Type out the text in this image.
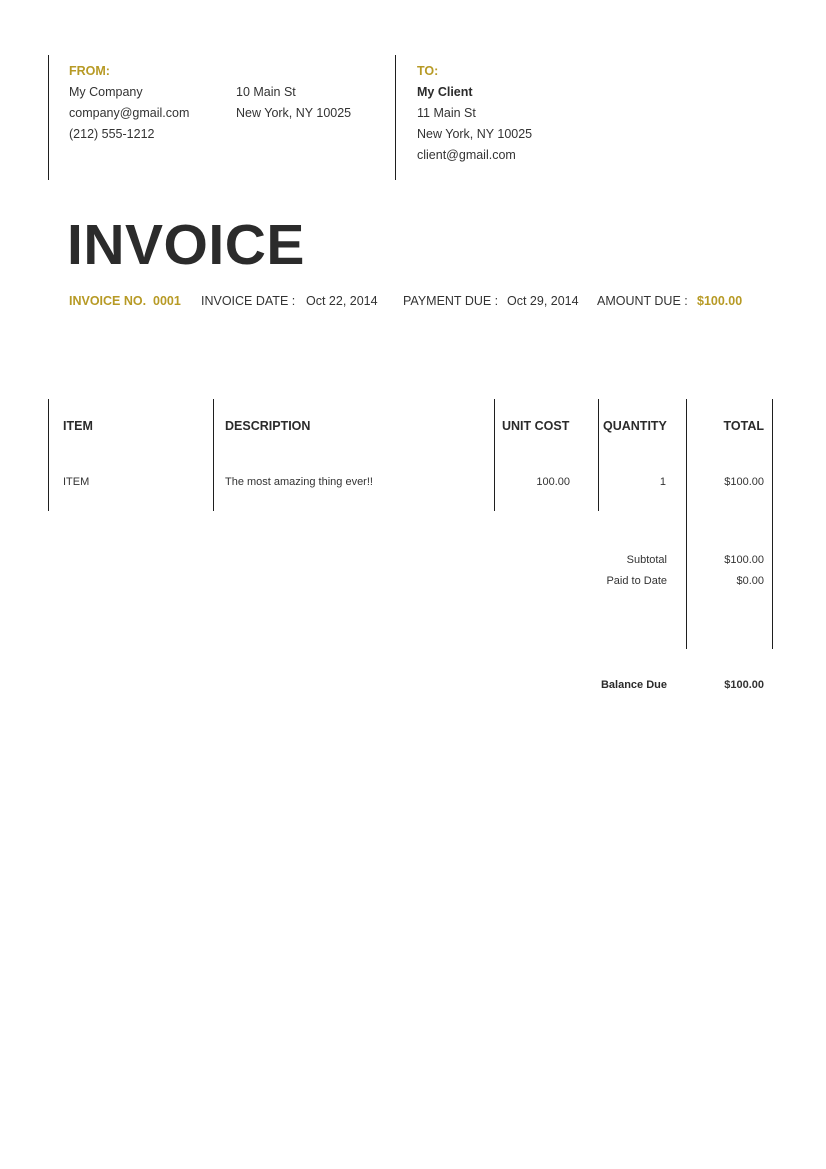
FROM:
My Company
company@gmail.com
(212) 555-1212
10 Main St
New York, NY 10025
TO:
My Client
11 Main St
New York, NY 10025
client@gmail.com
INVOICE
INVOICE NO. 0001 INVOICE DATE : Oct 22, 2014 PAYMENT DUE : Oct 29, 2014 AMOUNT DUE : $100.00
ITEM	DESCRIPTION	UNIT COST	QUANTITY	TOTAL
ITEM	The most amazing thing ever!!	100.00	1	$100.00
Subtotal	$100.00
Paid to Date	$0.00
Balance Due	$100.00
